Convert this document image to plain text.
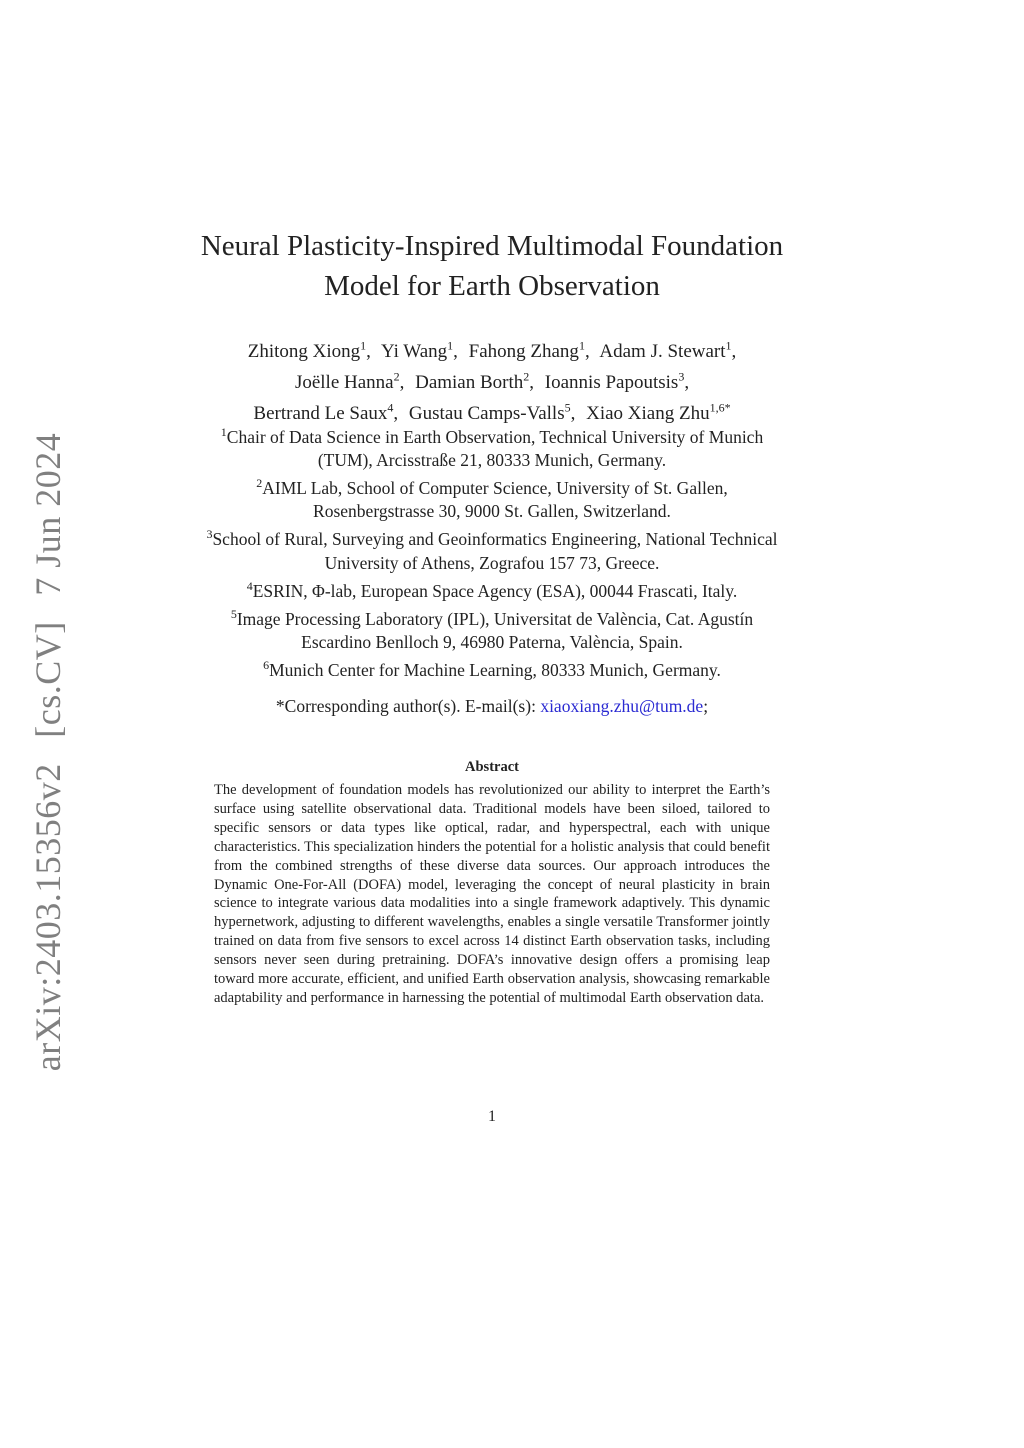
arXiv:2403.15356v2 [cs.CV] 7 Jun 2024
Neural Plasticity-Inspired Multimodal Foundation
Model for Earth Observation
Zhitong Xiong$^1$, Yi Wang$^1$, Fahong Zhang$^1$, Adam J. Stewart$^1$,
Joëlle Hanna$^2$, Damian Borth$^2$, Ioannis Papoutsis$^3$,
Bertrand Le Saux$^4$, Gustau Camps-Valls$^5$, Xiao Xiang Zhu$^{1,6*}$
$^1$Chair of Data Science in Earth Observation, Technical University of Munich (TUM), Arcisstraße 21, 80333 Munich, Germany.
$^2$AIML Lab, School of Computer Science, University of St. Gallen, Rosenbergstrasse 30, 9000 St. Gallen, Switzerland.
$^3$School of Rural, Surveying and Geoinformatics Engineering, National Technical University of Athens, Zografou 157 73, Greece.
$^4$ESRIN, Φ-lab, European Space Agency (ESA), 00044 Frascati, Italy.
$^5$Image Processing Laboratory (IPL), Universitat de València, Cat. Agustín Escardino Benlloch 9, 46980 Paterna, València, Spain.
$^6$Munich Center for Machine Learning, 80333 Munich, Germany.
*Corresponding author(s). E-mail(s): xiaoxiang.zhu@tum.de;
Abstract
The development of foundation models has revolutionized our ability to interpret the Earth’s surface using satellite observational data. Traditional models have been siloed, tailored to specific sensors or data types like optical, radar, and hyperspectral, each with unique characteristics. This specialization hinders the potential for a holistic analysis that could benefit from the combined strengths of these diverse data sources. Our approach introduces the Dynamic One-For-All (DOFA) model, leveraging the concept of neural plasticity in brain science to integrate various data modalities into a single framework adaptively. This dynamic hypernetwork, adjusting to different wavelengths, enables a single versatile Transformer jointly trained on data from five sensors to excel across 14 distinct Earth observation tasks, including sensors never seen during pretraining. DOFA’s innovative design offers a promising leap toward more accurate, efficient, and unified Earth observation analysis, showcasing remarkable adaptability and performance in harnessing the potential of multimodal Earth observation data.
1
